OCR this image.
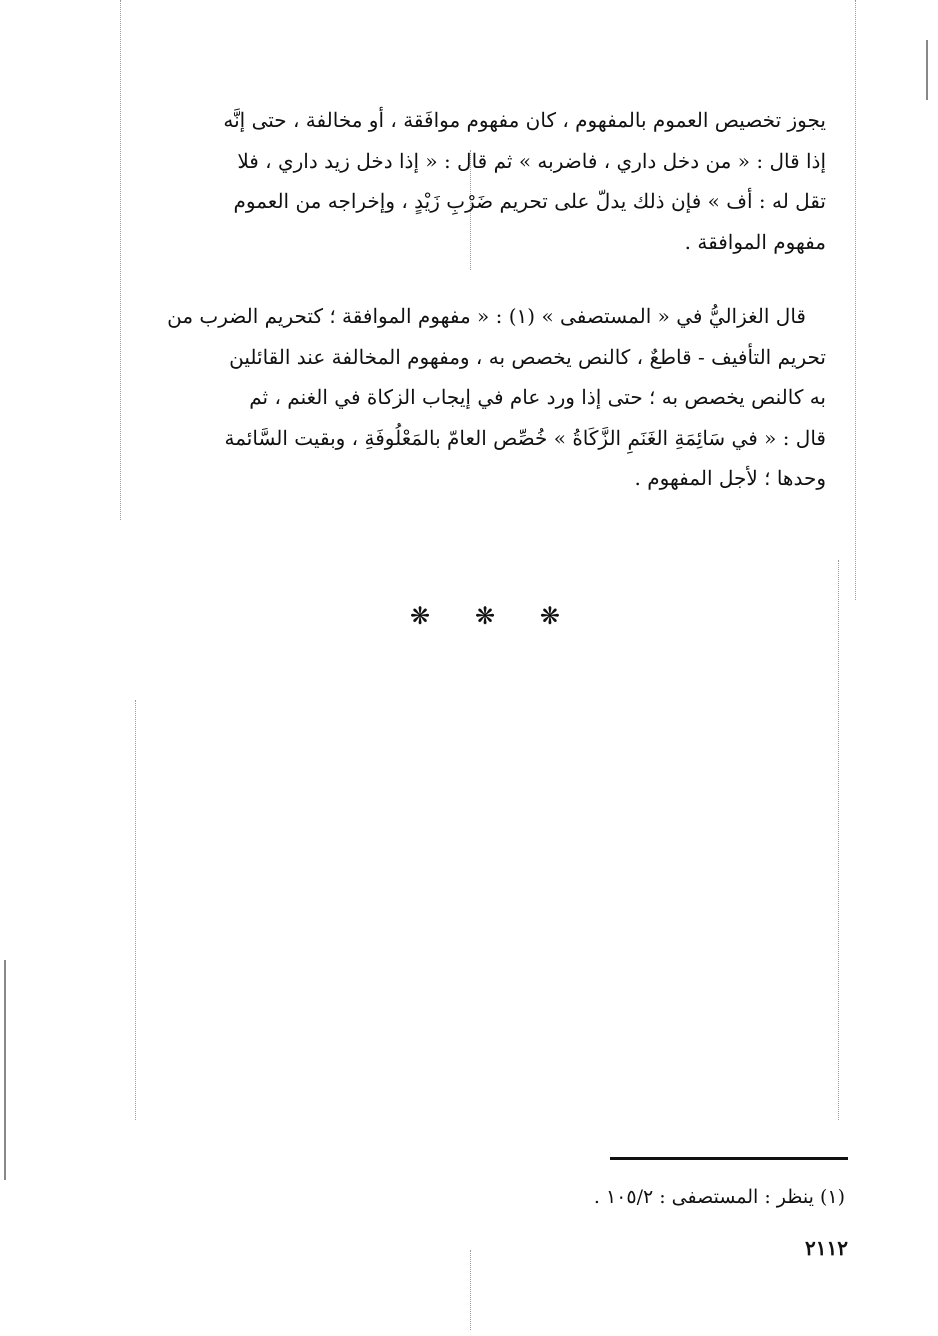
يجوز تخصيص العموم بالمفهوم ، كان مفهوم موافَقة ، أو مخالفة ، حتى إنَّه
إذا قال : « من دخل داري ، فاضربه » ثم قال : « إذا دخل زيد داري ، فلا
تقل له : أف » فإن ذلك يدلّ على تحريم ضَرْبِ زَيْدٍ ، وإخراجه من العموم
مفهوم الموافقة .
قال الغزاليُّ في « المستصفى » (١) : « مفهوم الموافقة ؛ كتحريم الضرب من
تحريم التأفيف - قاطعٌ ، كالنص يخصص به ، ومفهوم المخالفة عند القائلين
به كالنص يخصص به ؛ حتى إذا ورد عام في إيجاب الزكاة في الغنم ، ثم
قال : « في سَائِمَةِ الغَنَمِ الزَّكَاةُ » خُصِّص العامّ بالمَعْلُوفَةِ ، وبقيت السَّائمة
وحدها ؛ لأجل المفهوم .
❋ ❋ ❋
(١) ينظر : المستصفى : ١٠٥/٢ .
٢١١٢
